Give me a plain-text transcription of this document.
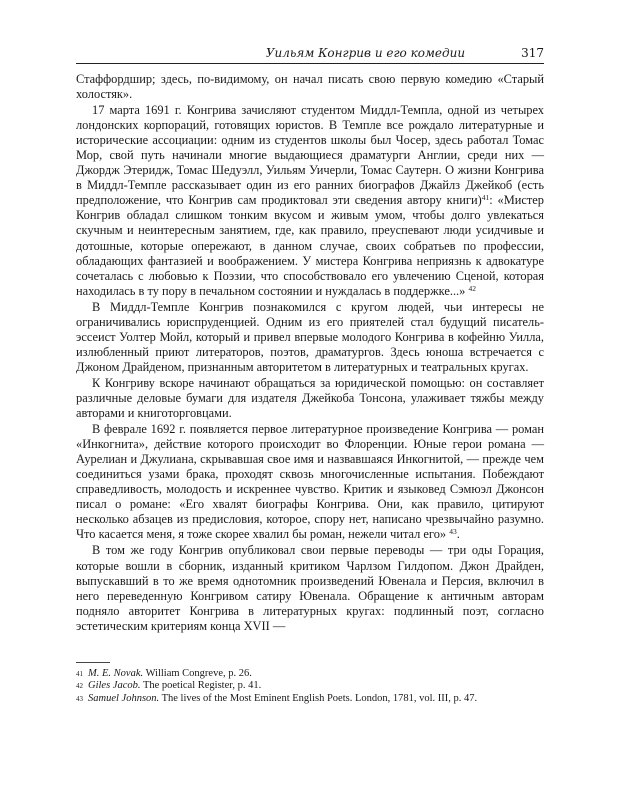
Уильям Конгрив и его комедии	317

Стаффордшир; здесь, по-видимому, он начал писать свою первую комедию «Старый холостяк».

17 марта 1691 г. Конгрива зачисляют студентом Миддл-Темпла, одной из четырех лондонских корпораций, готовящих юристов. В Темпле все рождало литературные и исторические ассоциации: одним из студентов школы был Чосер, здесь работал Томас Мор, свой путь начинали многие выдающиеся драматурги Англии, среди них — Джордж Этеридж, Томас Шедуэлл, Уильям Уичерли, Томас Саутерн. О жизни Конгрива в Миддл-Темпле рассказывает один из его ранних биографов Джайлз Джейкоб (есть предположение, что Конгрив сам продиктовал эти сведения автору книги)$^{41}$: «Мистер Конгрив обладал слишком тонким вкусом и живым умом, чтобы долго увлекаться скучным и неинтересным занятием, где, как правило, преуспевают люди усидчивые и дотошные, которые опережают, в данном случае, своих собратьев по профессии, обладающих фантазией и воображением. У мистера Конгрива неприязнь к адвокатуре сочеталась с любовью к Поэзии, что способствовало его увлечению Сценой, которая находилась в ту пору в печальном состоянии и нуждалась в поддержке...» $^{42}$

В Миддл-Темпле Конгрив познакомился с кругом людей, чьи интересы не ограничивались юриспруденцией. Одним из его приятелей стал будущий писатель-эссеист Уолтер Мойл, который и привел впервые молодого Конгрива в кофейню Уилла, излюбленный приют литераторов, поэтов, драматургов. Здесь юноша встречается с Джоном Драйденом, признанным авторитетом в литературных и театральных кругах.

К Конгриву вскоре начинают обращаться за юридической помощью: он составляет различные деловые бумаги для издателя Джейкоба Тонсона, улаживает тяжбы между авторами и книготорговцами.

В феврале 1692 г. появляется первое литературное произведение Конгрива — роман «Инкогнита», действие которого происходит во Флоренции. Юные герои романа — Аурелиан и Джулиана, скрывавшая свое имя и назвавшаяся Инкогнитой, — прежде чем соединиться узами брака, проходят сквозь многочисленные испытания. Побеждают справедливость, молодость и искреннее чувство. Критик и языковед Сэмюэл Джонсон писал о романе: «Его хвалят биографы Конгрива. Они, как правило, цитируют несколько абзацев из предисловия, которое, спору нет, написано чрезвычайно разумно. Что касается меня, я тоже скорее хвалил бы роман, нежели читал его» $^{43}$.

В том же году Конгрив опубликовал свои первые переводы — три оды Горация, которые вошли в сборник, изданный критиком Чарлзом Гилдопом. Джон Драйден, выпускавший в то же время однотомник произведений Ювенала и Персия, включил в него переведенную Конгривом сатиру Ювенала. Обращение к античным авторам подняло авторитет Конгрива в литературных кругах: подлинный поэт, согласно эстетическим критериям конца XVII —

41 M. E. Novak. William Congreve, p. 26.
42 Giles Jacob. The poetical Register, p. 41.
43 Samuel Johnson. The lives of the Most Eminent English Poets. London, 1781, vol. III, p. 47.
